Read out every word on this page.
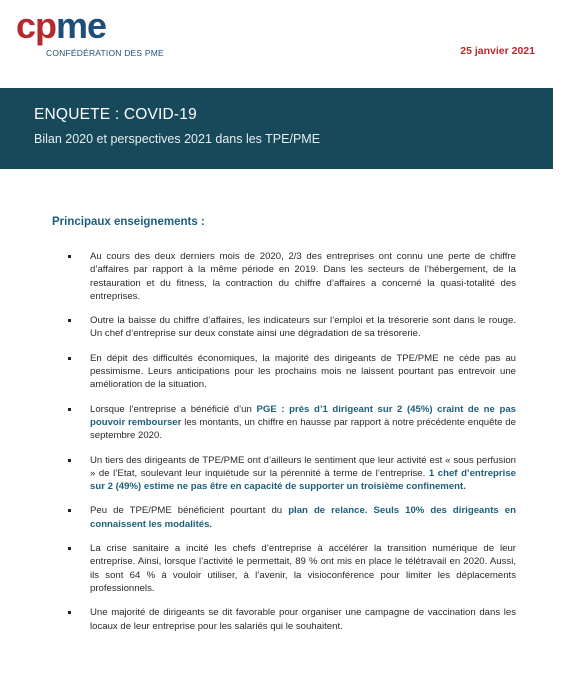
cpme
CONFÉDÉRATION DES PME	25 janvier 2021
ENQUETE : COVID-19
Bilan 2020 et perspectives 2021 dans les TPE/PME
Principaux enseignements :
Au cours des deux derniers mois de 2020, 2/3 des entreprises ont connu une perte de chiffre d’affaires par rapport à la même période en 2019. Dans les secteurs de l’hébergement, de la restauration et du fitness, la contraction du chiffre d’affaires a concerné la quasi-totalité des entreprises.
Outre la baisse du chiffre d’affaires, les indicateurs sur l’emploi et la trésorerie sont dans le rouge. Un chef d’entreprise sur deux constate ainsi une dégradation de sa trésorerie.
En dépit des difficultés économiques, la majorité des dirigeants de TPE/PME ne cède pas au pessimisme. Leurs anticipations pour les prochains mois ne laissent pourtant pas entrevoir une amélioration de la situation.
Lorsque l’entreprise a bénéficié d’un PGE : près d’1 dirigeant sur 2 (45%) craint de ne pas pouvoir rembourser les montants, un chiffre en hausse par rapport à notre précédente enquête de septembre 2020.
Un tiers des dirigeants de TPE/PME ont d’ailleurs le sentiment que leur activité est « sous perfusion » de l’Etat, soulevant leur inquiétude sur la pérennité à terme de l’entreprise. 1 chef d’entreprise sur 2 (49%) estime ne pas être en capacité de supporter un troisième confinement.
Peu de TPE/PME bénéficient pourtant du plan de relance. Seuls 10% des dirigeants en connaissent les modalités.
La crise sanitaire a incité les chefs d’entreprise à accélérer la transition numérique de leur entreprise. Ainsi, lorsque l’activité le permettait, 89 % ont mis en place le télétravail en 2020. Aussi, ils sont 64 % à vouloir utiliser, à l’avenir, la visioconférence pour limiter les déplacements professionnels.
Une majorité de dirigeants se dit favorable pour organiser une campagne de vaccination dans les locaux de leur entreprise pour les salariés qui le souhaitent.
